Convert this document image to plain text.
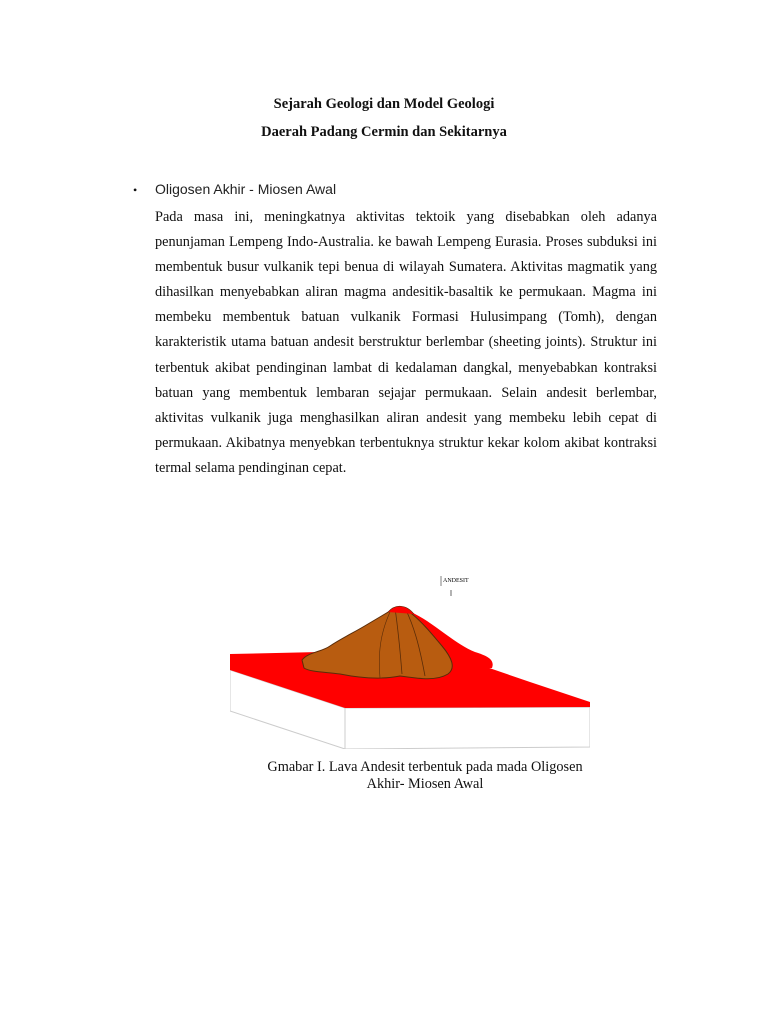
Sejarah Geologi dan Model Geologi
Daerah Padang Cermin dan Sekitarnya
•	Oligosen Akhir - Miosen Awal

Pada masa ini, meningkatnya aktivitas tektoik yang disebabkan oleh adanya penunjaman Lempeng Indo-Australia. ke bawah Lempeng Eurasia. Proses subduksi ini membentuk busur vulkanik tepi benua di wilayah Sumatera. Aktivitas magmatik yang dihasilkan menyebabkan aliran magma andesitik-basaltik ke permukaan. Magma ini membeku membentuk batuan vulkanik Formasi Hulusimpang (Tomh), dengan karakteristik utama batuan andesit berstruktur berlembar (sheeting joints). Struktur ini terbentuk akibat pendinginan lambat di kedalaman dangkal, menyebabkan kontraksi batuan yang membentuk lembaran sejajar permukaan. Selain andesit berlembar, aktivitas vulkanik juga menghasilkan aliran andesit yang membeku lebih cepat di permukaan. Akibatnya menyebkan terbentuknya struktur kekar kolom akibat kontraksi termal selama pendinginan cepat.

ANDESIT

Gmabar I. Lava Andesit terbentuk pada mada Oligosen
Akhir- Miosen Awal
